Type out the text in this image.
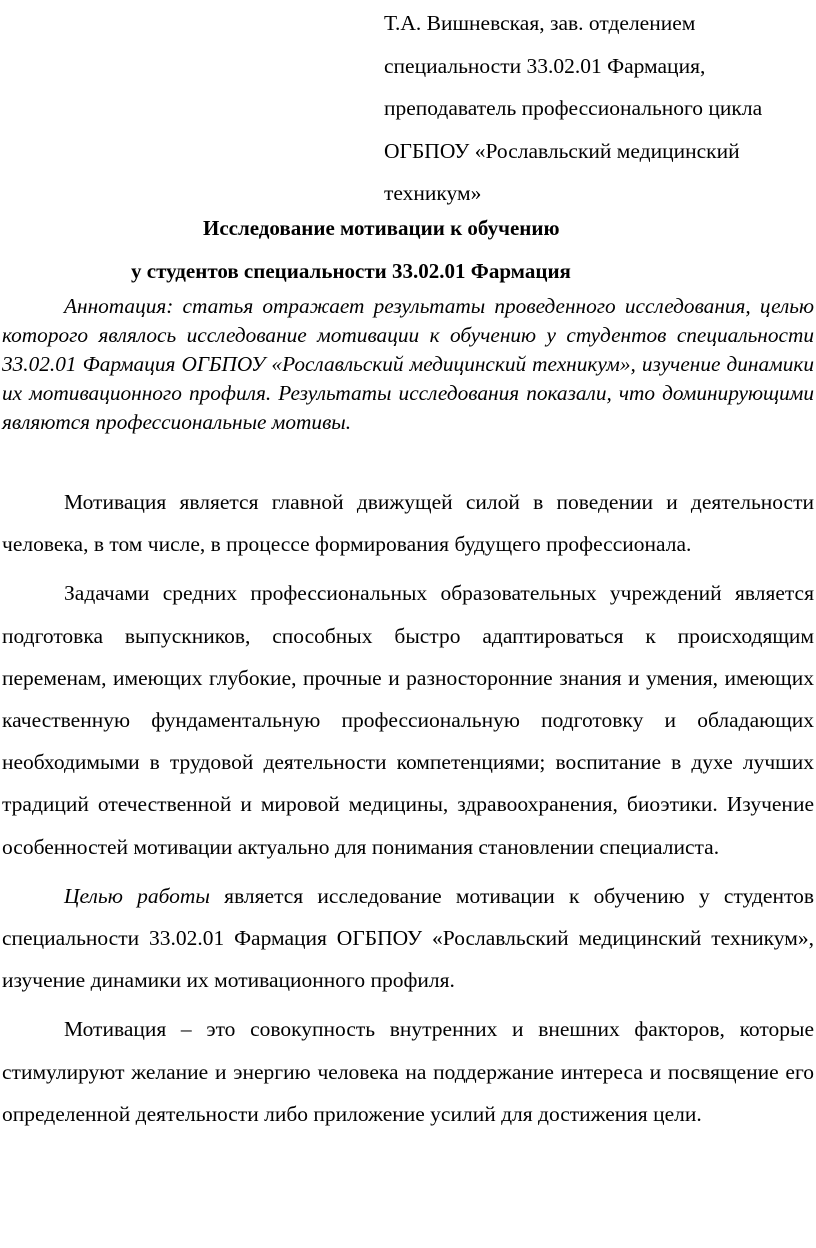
Т.А. Вишневская, зав. отделением
специальности 33.02.01 Фармация,
преподаватель профессионального цикла
ОГБПОУ «Рославльский медицинский
техникум»
Исследование мотивации к обучению
у студентов специальности 33.02.01 Фармация
Аннотация: статья отражает результаты проведенного исследования, целью которого являлось исследование мотивации к обучению у студентов специальности 33.02.01 Фармация ОГБПОУ «Рославльский медицинский техникум», изучение динамики их мотивационного профиля. Результаты исследования показали, что доминирующими являются профессиональные мотивы.

Мотивация является главной движущей силой в поведении и деятельности человека, в том числе, в процессе формирования будущего профессионала.

Задачами средних профессиональных образовательных учреждений является подготовка выпускников, способных быстро адаптироваться к происходящим переменам, имеющих глубокие, прочные и разносторонние знания и умения, имеющих качественную фундаментальную профессиональную подготовку и обладающих необходимыми в трудовой деятельности компетенциями; воспитание в духе лучших традиций отечественной и мировой медицины, здравоохранения, биоэтики. Изучение особенностей мотивации актуально для понимания становлении специалиста.

Целью работы является исследование мотивации к обучению у студентов специальности 33.02.01 Фармация ОГБПОУ «Рославльский медицинский техникум», изучение динамики их мотивационного профиля.

Мотивация – это совокупность внутренних и внешних факторов, которые стимулируют желание и энергию человека на поддержание интереса и посвящение его определенной деятельности либо приложение усилий для достижения цели.
